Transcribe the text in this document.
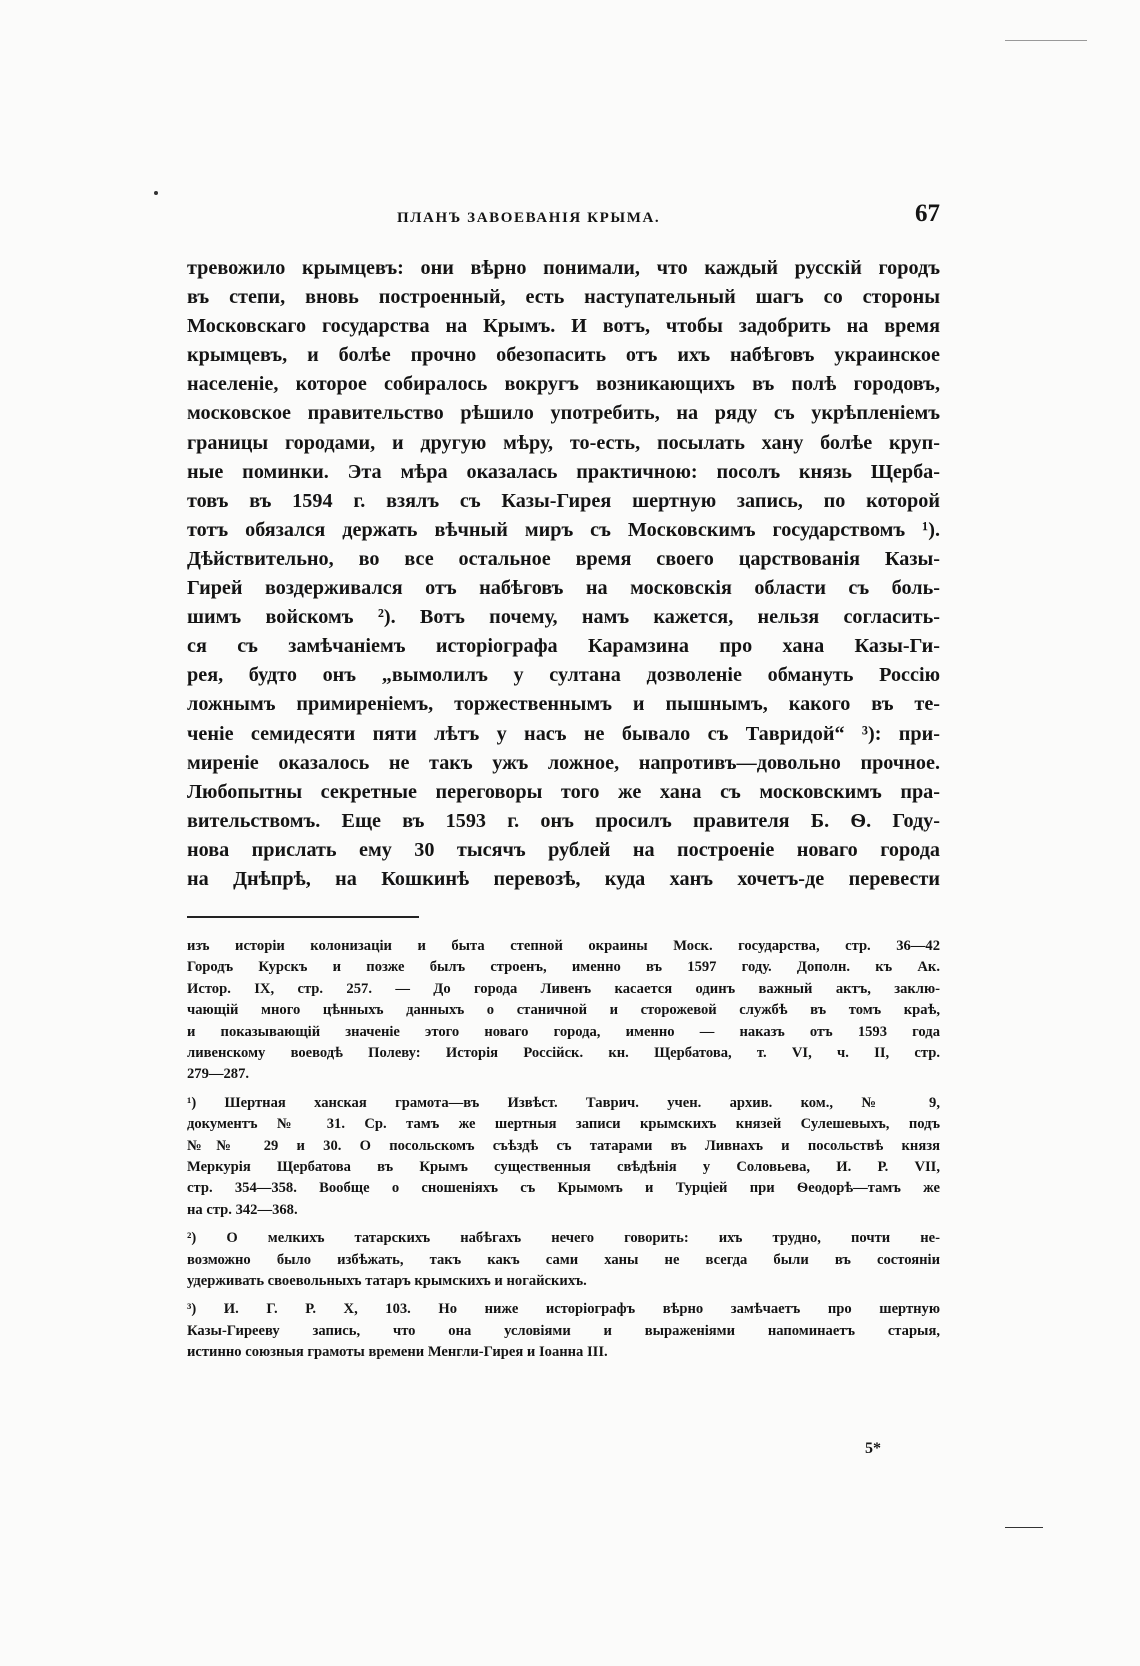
ПЛАНЪ ЗАВОЕВАНІЯ КРЫМА.	67
тревожило крымцевъ: они вѣрно понимали, что каждый русскій городъ
въ степи, вновь построенный, есть наступательный шагъ со стороны
Московскаго государства на Крымъ. И вотъ, чтобы задобрить на время
крымцевъ, и болѣе прочно обезопасить отъ ихъ набѣговъ украинское
населеніе, которое собиралось вокругъ возникающихъ въ полѣ городовъ,
московское правительство рѣшило употребить, на ряду съ укрѣпленіемъ
границы городами, и другую мѣру, то-есть, посылать хану болѣе круп-
ные поминки. Эта мѣра оказалась практичною: посолъ князь Щерба-
товъ въ 1594 г. взялъ съ Казы-Гирея шертную запись, по которой
тотъ обязался держать вѣчный миръ съ Московскимъ государствомъ ¹).
Дѣйствительно, во все остальное время своего царствованія Казы-
Гирей воздерживался отъ набѣговъ на московскія области съ боль-
шимъ войскомъ ²). Вотъ почему, намъ кажется, нельзя согласить-
ся съ замѣчаніемъ исторіографа Карамзина про хана Казы-Ги-
рея, будто онъ „вымолилъ у султана дозволеніе обмануть Россію
ложнымъ примиреніемъ, торжественнымъ и пышнымъ, какого въ те-
ченіе семидесяти пяти лѣтъ у насъ не бывало съ Тавридой“ ³): при-
миреніе оказалось не такъ ужъ ложное, напротивъ—довольно прочное.
Любопытны секретные переговоры того же хана съ московскимъ пра-
вительствомъ. Еще въ 1593 г. онъ просилъ правителя Б. Ѳ. Году-
нова прислать ему 30 тысячъ рублей на построеніе новаго города
на Днѣпрѣ, на Кошкинѣ перевозѣ, куда ханъ хочетъ-де перевести
изъ исторіи колонизаціи и быта степной окраины Моск. государства, стр. 36—42
Городъ Курскъ и позже былъ строенъ, именно въ 1597 году. Дополн. къ Ак.
Истор. IX, стр. 257. — До города Ливенъ касается одинъ важный актъ, заклю-
чающій много цѣнныхъ данныхъ о станичной и сторожевой службѣ въ томъ краѣ,
и показывающій значеніе этого новаго города, именно — наказъ отъ 1593 года
ливенскому воеводѣ Полеву: Исторія Россійск. кн. Щербатова, т. VI, ч. II, стр.
279—287.
¹) Шертная ханская грамота—въ Извѣст. Таврич. учен. архив. ком., № 9,
документъ № 31. Ср. тамъ же шертныя записи крымскихъ князей Сулешевыхъ, подъ
№№ 29 и 30. О посольскомъ съѣздѣ съ татарами въ Ливнахъ и посольствѣ князя
Меркурія Щербатова въ Крымъ существенныя свѣдѣнія у Соловьева, И. Р. VII,
стр. 354—358. Вообще о сношеніяхъ съ Крымомъ и Турціей при Ѳеодорѣ—тамъ же
на стр. 342—368.
²) О мелкихъ татарскихъ набѣгахъ нечего говорить: ихъ трудно, почти не-
возможно было избѣжать, такъ какъ сами ханы не всегда были въ состояніи
удерживать своевольныхъ татаръ крымскихъ и ногайскихъ.
³) И. Г. Р. X, 103. Но ниже исторіографъ вѣрно замѣчаетъ про шертную
Казы-Гирееву запись, что она условіями и выраженіями напоминаетъ старыя,
истинно союзныя грамоты времени Менгли-Гирея и Іоанна III.
5*
